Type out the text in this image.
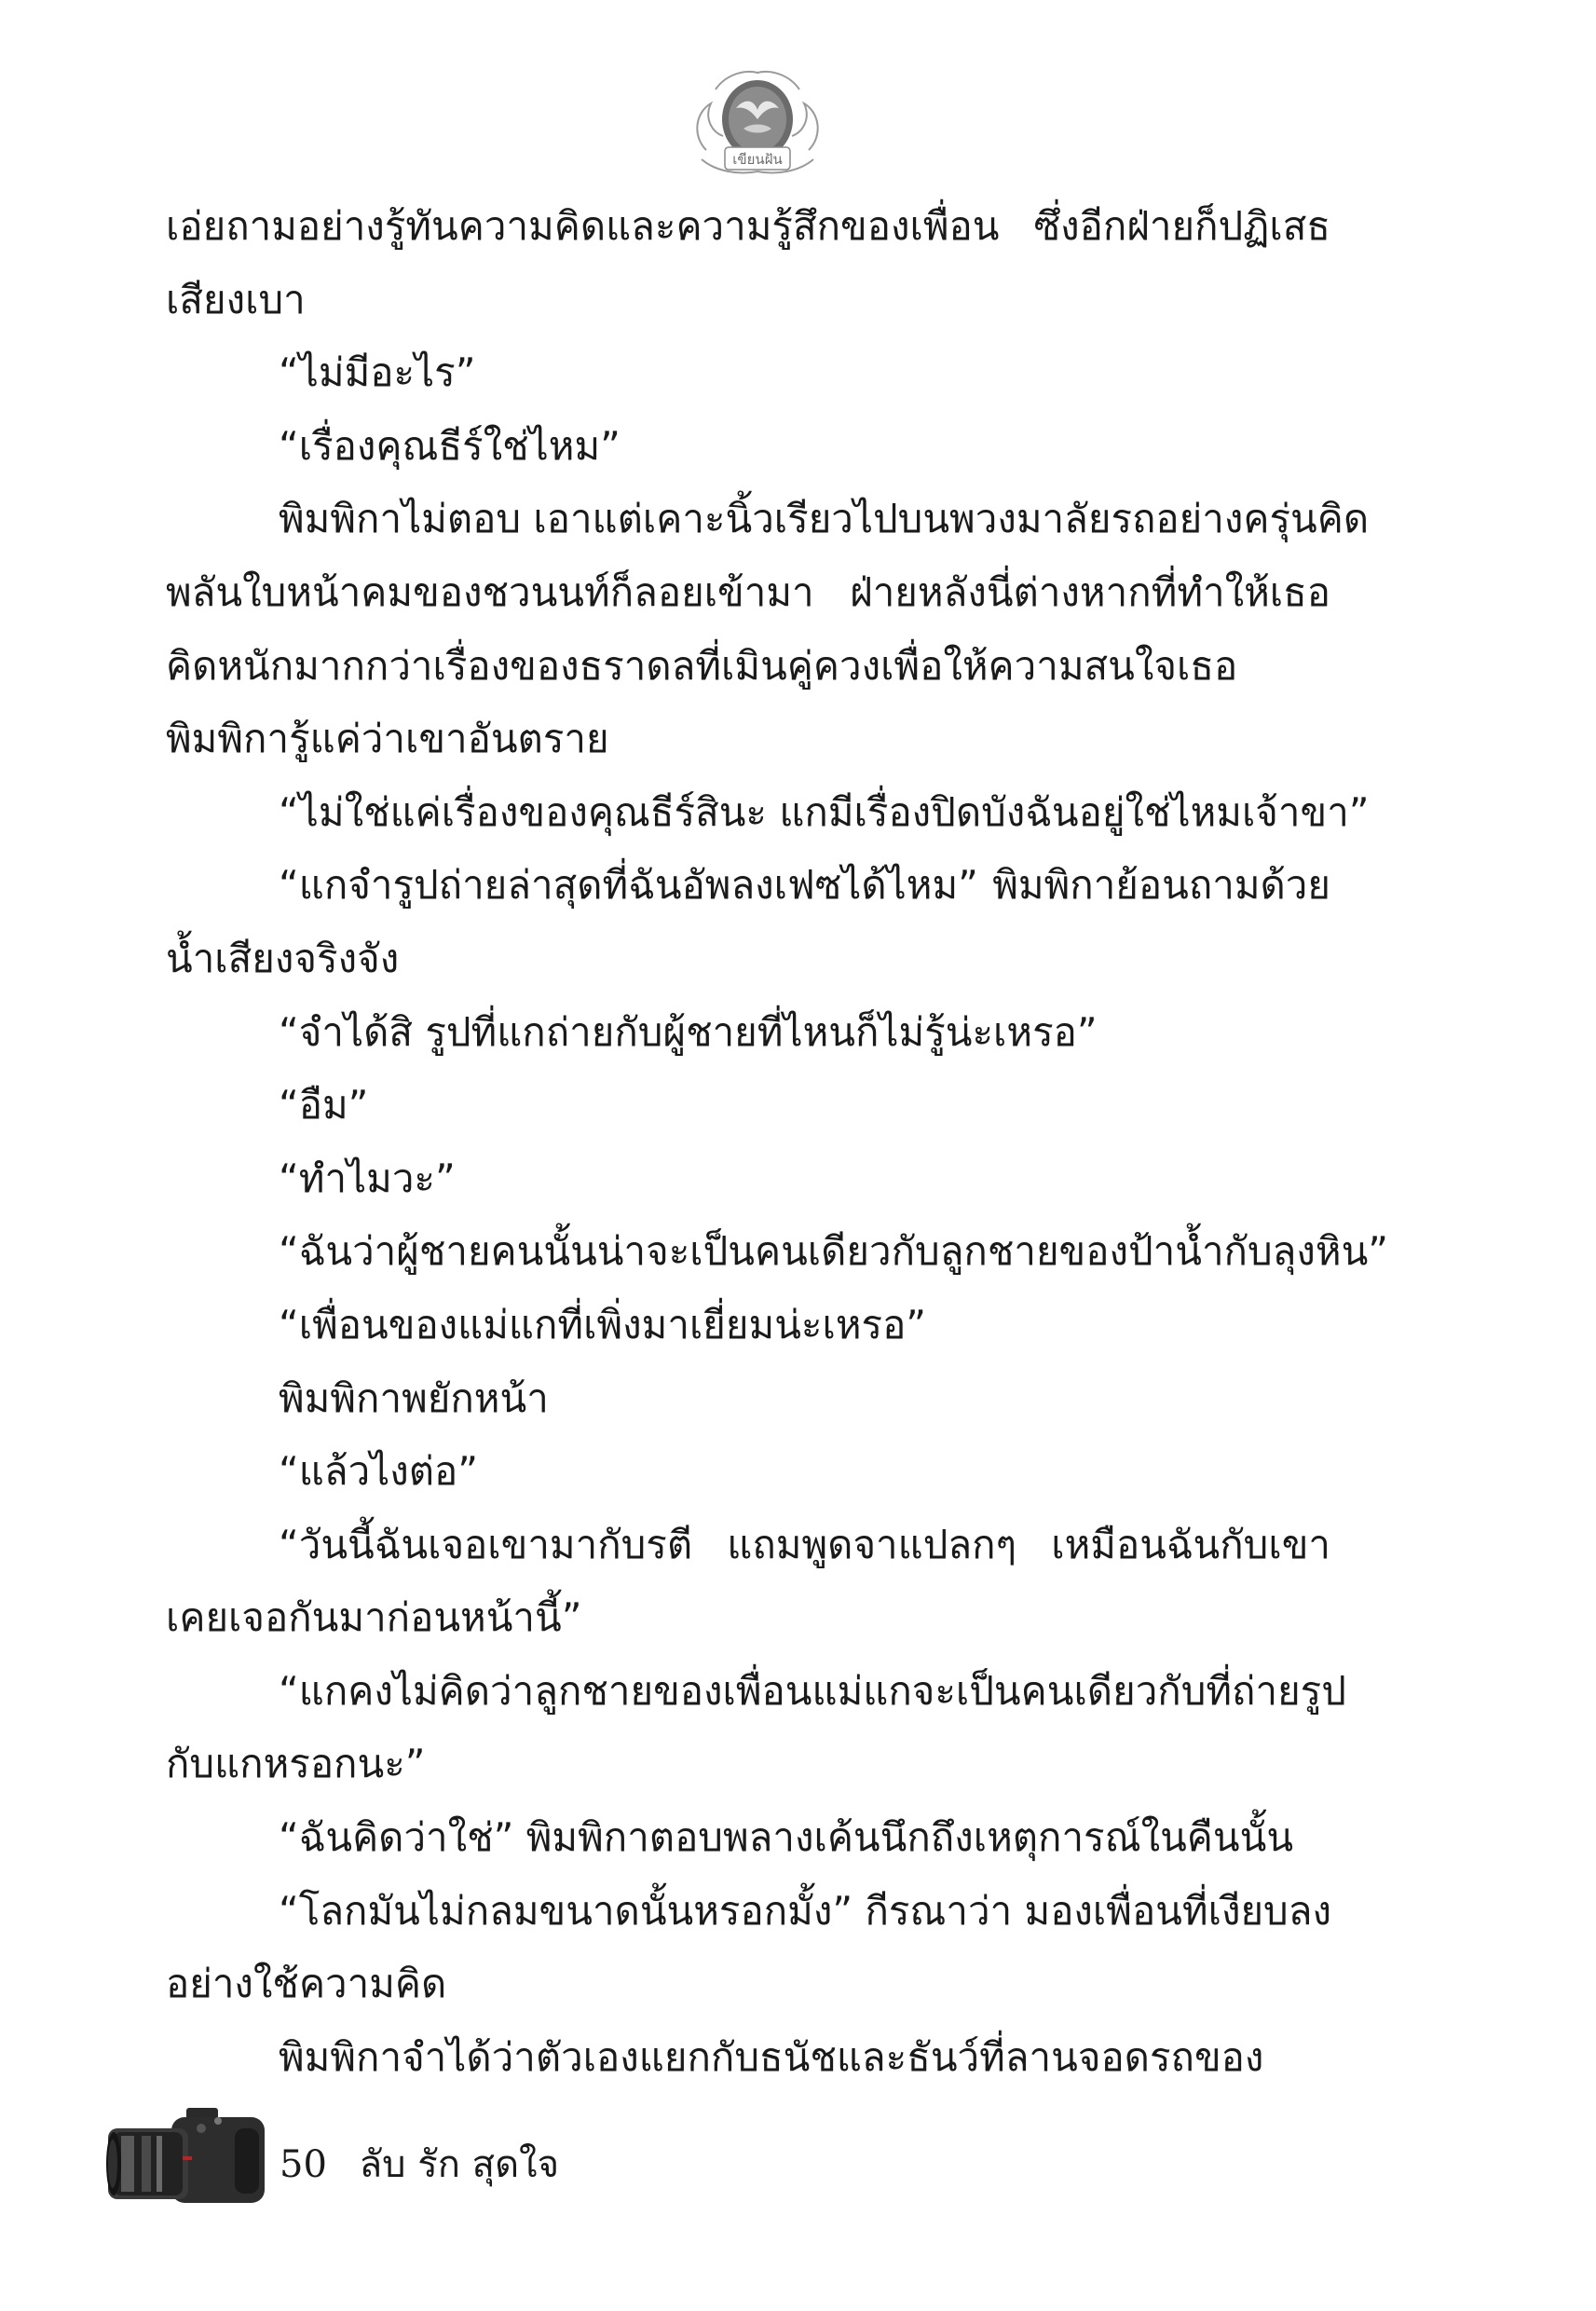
เขียนฝัน
เอ่ยถามอย่างรู้ทันความคิดและความรู้สึกของเพื่อน ซึ่งอีกฝ่ายก็ปฏิเสธ
เสียงเบา
“ไม่มีอะไร”
“เรื่องคุณธีร์ใช่ไหม”
พิมพิกาไม่ตอบ เอาแต่เคาะนิ้วเรียวไปบนพวงมาลัยรถอย่างครุ่นคิด
พลันใบหน้าคมของชวนนท์ก็ลอยเข้ามา ฝ่ายหลังนี่ต่างหากที่ทำให้เธอ
คิดหนักมากกว่าเรื่องของธราดลที่เมินคู่ควงเพื่อให้ความสนใจเธอ
พิมพิการู้แค่ว่าเขาอันตราย
“ไม่ใช่แค่เรื่องของคุณธีร์สินะ แกมีเรื่องปิดบังฉันอยู่ใช่ไหมเจ้าขา”
“แกจำรูปถ่ายล่าสุดที่ฉันอัพลงเฟซได้ไหม” พิมพิกาย้อนถามด้วย
น้ำเสียงจริงจัง
“จำได้สิ รูปที่แกถ่ายกับผู้ชายที่ไหนก็ไม่รู้น่ะเหรอ”
“อืม”
“ทำไมวะ”
“ฉันว่าผู้ชายคนนั้นน่าจะเป็นคนเดียวกับลูกชายของป้าน้ำกับลุงหิน”
“เพื่อนของแม่แกที่เพิ่งมาเยี่ยมน่ะเหรอ”
พิมพิกาพยักหน้า
“แล้วไงต่อ”
“วันนี้ฉันเจอเขามากับรตี แถมพูดจาแปลกๆ เหมือนฉันกับเขา
เคยเจอกันมาก่อนหน้านี้”
“แกคงไม่คิดว่าลูกชายของเพื่อนแม่แกจะเป็นคนเดียวกับที่ถ่ายรูป
กับแกหรอกนะ”
“ฉันคิดว่าใช่” พิมพิกาตอบพลางเค้นนึกถึงเหตุการณ์ในคืนนั้น
“โลกมันไม่กลมขนาดนั้นหรอกมั้ง” กีรณาว่า มองเพื่อนที่เงียบลง
อย่างใช้ความคิด
พิมพิกาจำได้ว่าตัวเองแยกกับธนัชและธันว์ที่ลานจอดรถของ
50 ลับ รัก สุดใจ
